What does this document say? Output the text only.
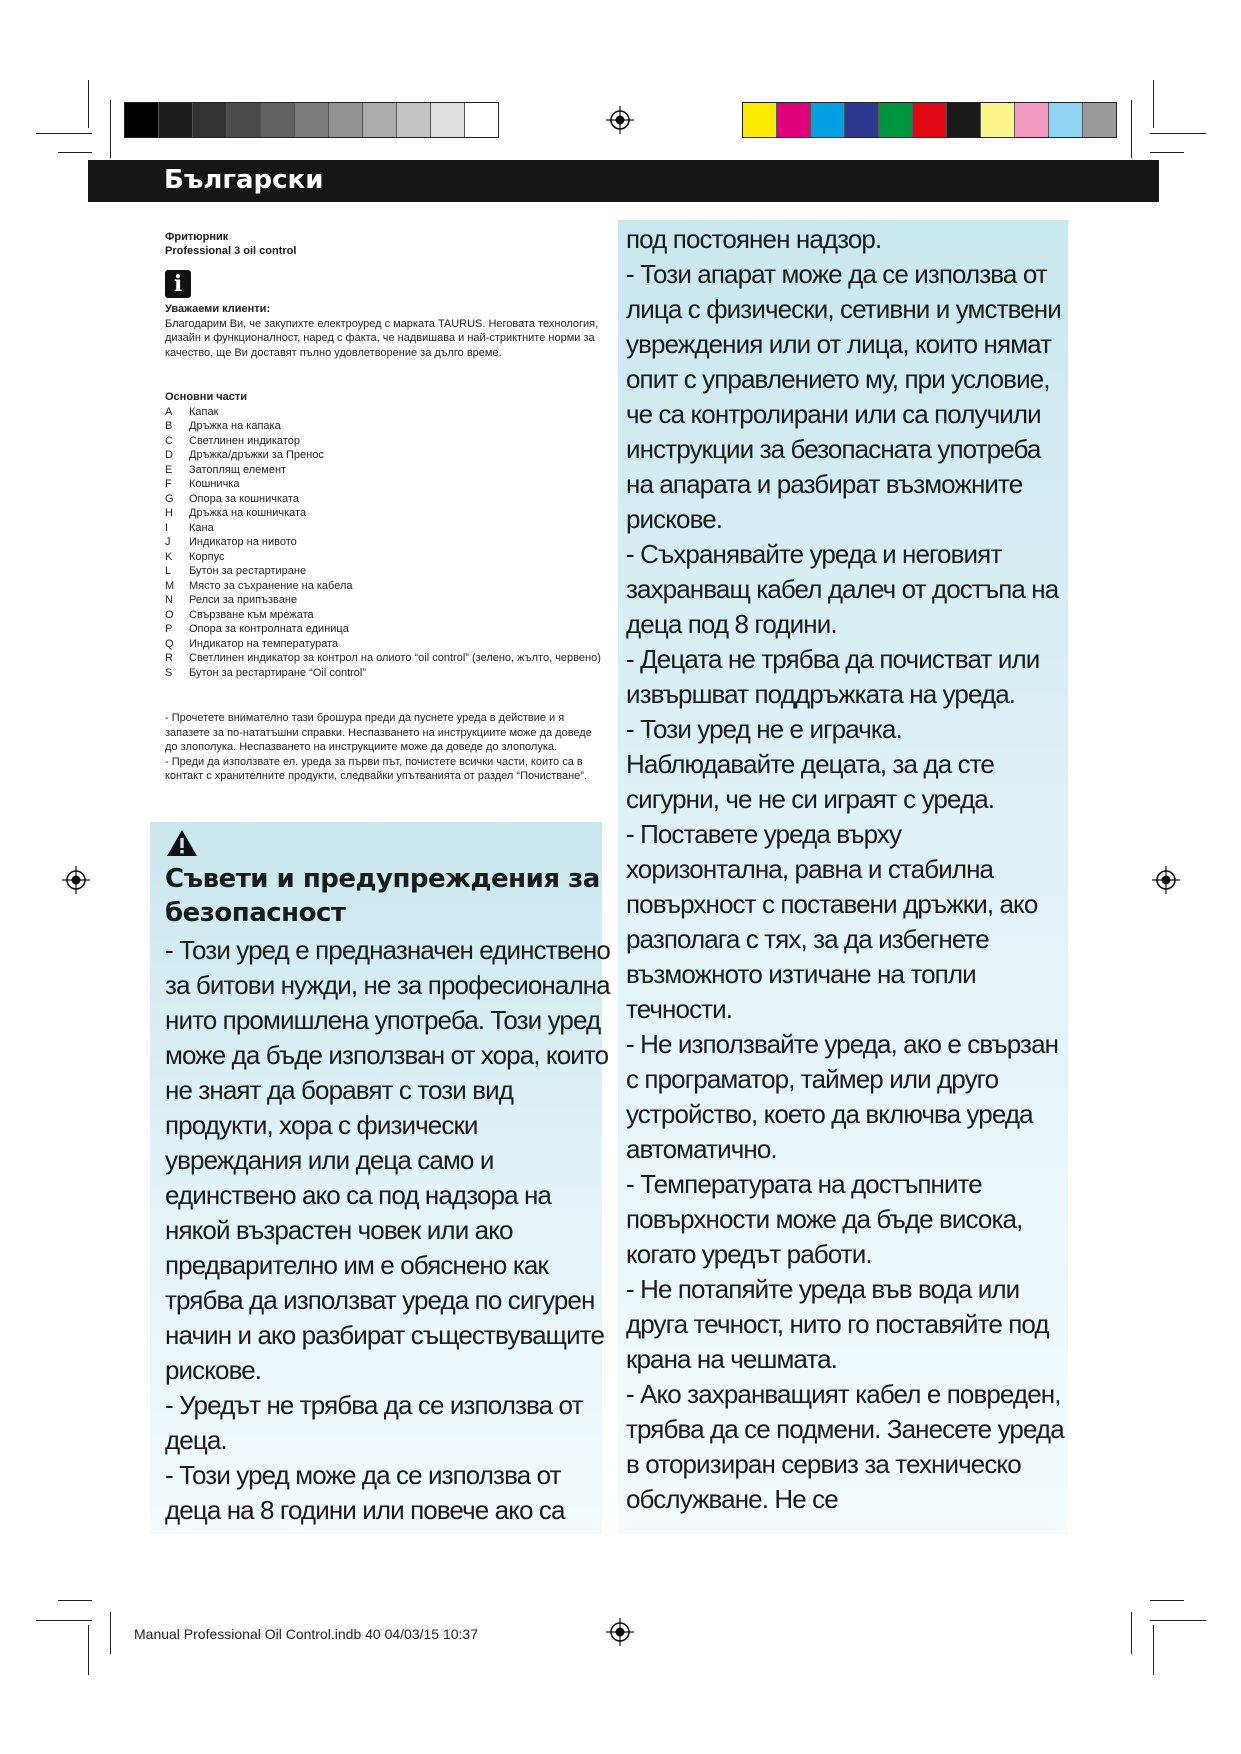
Български
Фритюрник
Professional 3 oil control
i
Уважаеми клиенти:
Благодарим Ви, че закупихте електроуред с марката TAURUS. Неговата технология, дизайн и функционалност, наред с факта, че надвишава и най-стриктните норми за качество, ще Ви доставят пълно удовлетворение за дълго време.
Основни части
A	Капак
B	Дръжка на капака
C	Светлинен индикатор
D	Дръжка/дръжки за Пренос
E	Затоплящ елемент
F	Кошничка
G	Опора за кошничката
H	Дръжка на кошничката
I	Кана
J	Индикатор на нивото
K	Корпус
L	Бутон за рестартиране
M	Място за съхранение на кабела
N	Релси за припъзване
O	Свързване към мрежата
P	Опора за контролната единица
Q	Индикатор на температурата
R	Светлинен индикатор за контрол на олиото “oil control” (зелено, жълто, червено)
S	Бутон за рестартиране “Oil control”
- Прочетете внимателно тази брошура преди да пуснете уреда в действие и я запазете за по-нататъшни справки. Неспазването на инструкциите може да доведе до злополука. Неспазването на инструкциите може да доведе до злополука.
- Преди да използвате ел. уреда за първи път, почистете всички части, които са в контакт с хранителните продукти, следвайки упътванията от раздел “Почистване”.
Съвети и предупреждения за безопасност

- Този уред е предназначен единствено за битови нужди, не за професионална нито промишлена употреба. Този уред може да бъде използван от хора, които не знаят да боравят с този вид продукти, хора с физически увреждания или деца само и единствено ако са под надзора на някой възрастен човек или ако предварително им е обяснено как трябва да използват уреда по сигурен начин и ако разбират съществуващите рискове.

- Уредът не трябва да се използва от деца.

- Този уред може да се използва от деца на 8 години или повече ако са

под постоянен надзор.

- Този апарат може да се използва от лица с физически, сетивни и умствени увреждения или от лица, които нямат опит с управлението му, при условие, че са контролирани или са получили инструкции за безопасната употреба на апарата и разбират възможните рискове.

- Съхранявайте уреда и неговият захранващ кабел далеч от достъпа на деца под 8 години.

- Децата не трябва да почистват или извършват поддръжката на уреда.

- Този уред не е играчка. Наблюдавайте децата, за да сте сигурни, че не си играят с уреда.

- Поставете уреда върху хоризонтална, равна и стабилна повърхност с поставени дръжки, ако разполага с тях, за да избегнете възможното изтичане на топли течности.

- Не използвайте уреда, ако е свързан с програматор, таймер или друго устройство, което да включва уреда автоматично.

- Температурата на достъпните повърхности може да бъде висока, когато уредът работи.

- Не потапяйте уреда във вода или друга течност, нито го поставяйте под крана на чешмата.

- Ако захранващият кабел е повреден, трябва да се подмени. Занесете уреда в оторизиран сервиз за техническо обслужване. Не се

Manual Professional Oil Control.indb 40 04/03/15 10:37
